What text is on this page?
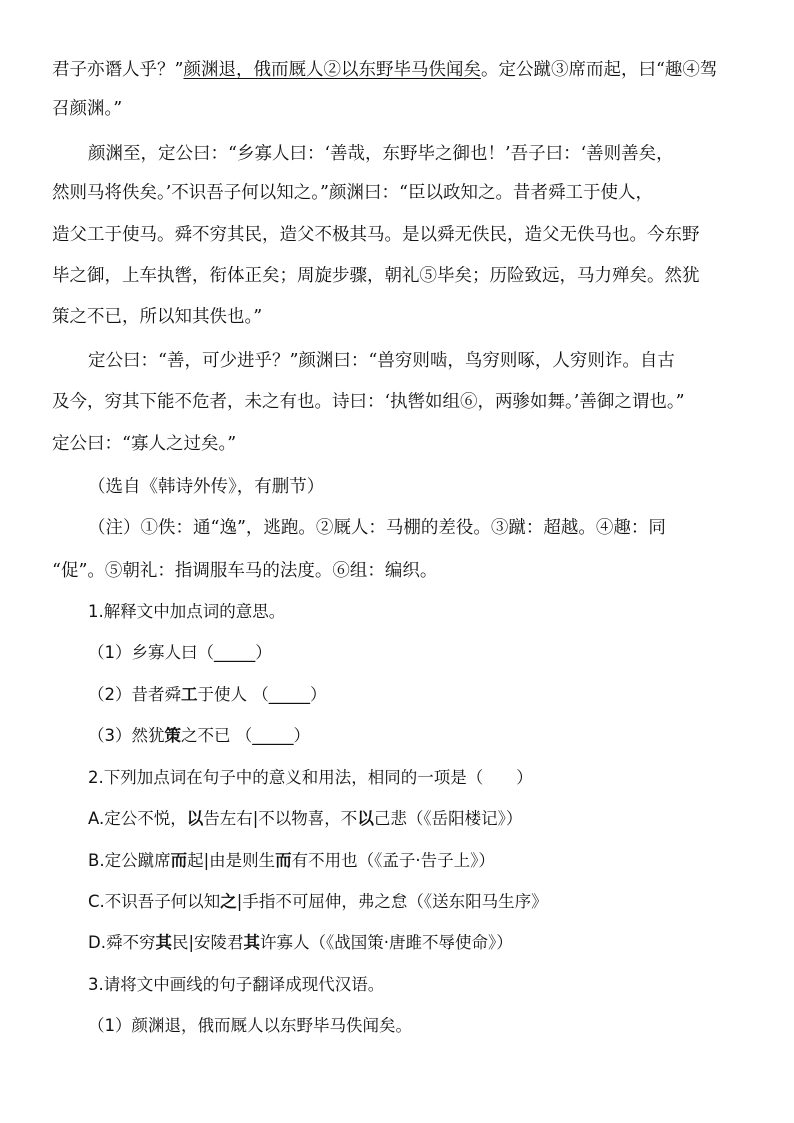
君子亦谮人乎？”颜渊退，俄而厩人②以东野毕马佚闻矣。定公蹴③席而起，曰“趣④驾
召颜渊。”
颜渊至，定公曰：“乡寡人曰：‘善哉，东野毕之御也！’吾子曰：‘善则善矣，
然则马将佚矣。’不识吾子何以知之。”颜渊曰：“臣以政知之。昔者舜工于使人，
造父工于使马。舜不穷其民，造父不极其马。是以舜无佚民，造父无佚马也。今东野
毕之御，上车执辔，衔体正矣；周旋步骤，朝礼⑤毕矣；历险致远，马力殚矣。然犹
策之不已，所以知其佚也。”
定公曰：“善，可少进乎？”颜渊曰：“兽穷则啮，鸟穷则啄，人穷则诈。自古
及今，穷其下能不危者，未之有也。诗曰：‘执辔如组⑥，两骖如舞。’善御之谓也。”
定公曰：“寡人之过矣。”
（选自《韩诗外传》，有删节）
（注）①佚：通“逸”，逃跑。②厩人：马棚的差役。③蹴：超越。④趣：同
“促”。⑤朝礼：指调服车马的法度。⑥组：编织。
1.解释文中加点词的意思。
（1）乡寡人曰（_____）
（2）昔者舜工于使人 （_____）
（3）然犹策之不已 （_____）
2.下列加点词在句子中的意义和用法，相同的一项是（　　）
A.定公不悦，以告左右|不以物喜，不以己悲（《岳阳楼记》）
B.定公蹴席而起|由是则生而有不用也（《孟子·告子上》）
C.不识吾子何以知之|手指不可屈伸，弗之怠（《送东阳马生序》
D.舜不穷其民|安陵君其许寡人（《战国策·唐雎不辱使命》）
3.请将文中画线的句子翻译成现代汉语。
（1）颜渊退，俄而厩人以东野毕马佚闻矣。
